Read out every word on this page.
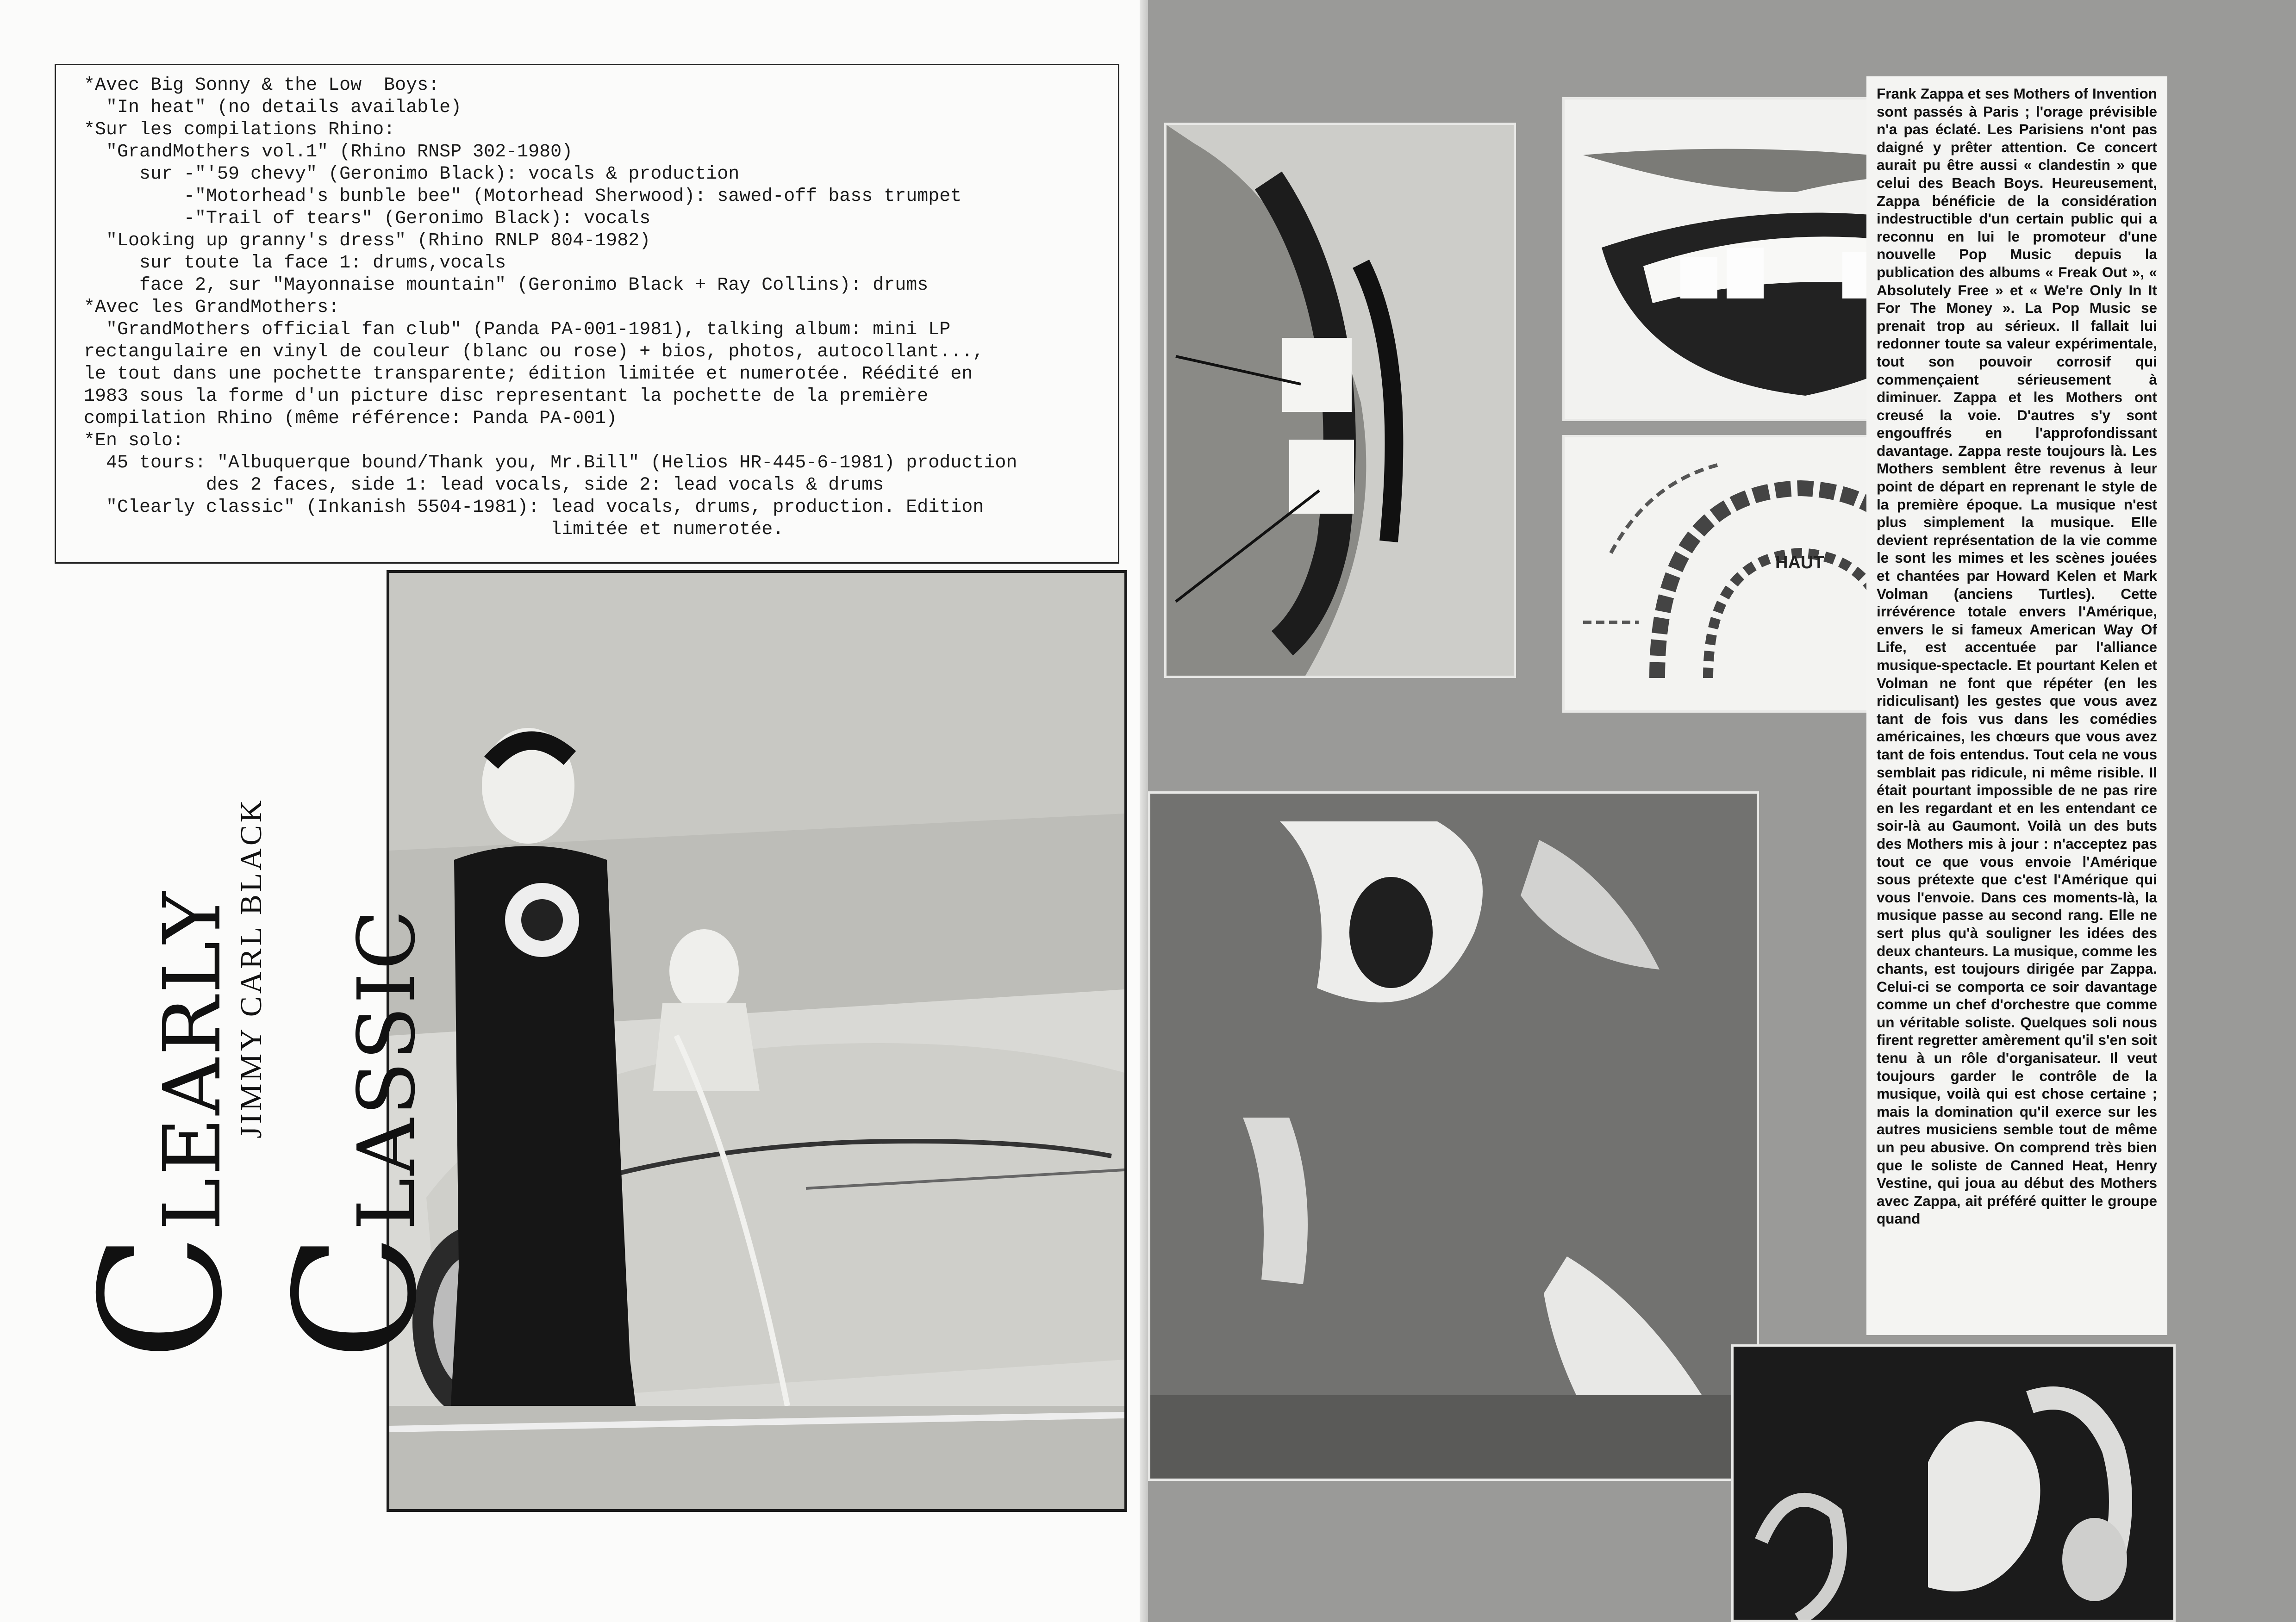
*Avec Big Sonny & the Low  Boys:
"In heat" (no details available)
*Sur les compilations Rhino:
"GrandMothers vol.1" (Rhino RNSP 302-1980)
sur -"'59 chevy" (Geronimo Black): vocals & production
-"Motorhead's bunble bee" (Motorhead Sherwood): sawed-off bass trumpet
-"Trail of tears" (Geronimo Black): vocals
"Looking up granny's dress" (Rhino RNLP 804-1982)
sur toute la face 1: drums,vocals
face 2, sur "Mayonnaise mountain" (Geronimo Black + Ray Collins): drums
*Avec les GrandMothers:
"GrandMothers official fan club" (Panda PA-001-1981), talking album: mini LP
rectangulaire en vinyl de couleur (blanc ou rose) + bios, photos, autocollant...,
le tout dans une pochette transparente; édition limitée et numerotée. Réédité en
1983 sous la forme d'un picture disc representant la pochette de la première
compilation Rhino (même référence: Panda PA-001)
*En solo:
45 tours: "Albuquerque bound/Thank you, Mr.Bill" (Helios HR-445-6-1981) production
des 2 faces, side 1: lead vocals, side 2: lead vocals & drums
"Clearly classic" (Inkanish 5504-1981): lead vocals, drums, production. Edition
limitée et numerotée.
CLEARLY
JIMMY CARL BLACK
CLASSIC
HAUT
Frank Zappa et ses Mothers of Invention sont passés à Paris ; l'orage prévisible n'a pas éclaté. Les Parisiens n'ont pas daigné y prêter attention. Ce concert aurait pu être aussi « clandestin » que celui des Beach Boys. Heureusement, Zappa bénéficie de la considération indestructible d'un certain public qui a reconnu en lui le promoteur d'une nouvelle Pop Music depuis la publication des albums « Freak Out », « Absolutely Free » et « We're Only In It For The Money ». La Pop Music se prenait trop au sérieux. Il fallait lui redonner toute sa valeur expérimentale, tout son pouvoir corrosif qui commençaient sérieusement à diminuer. Zappa et les Mothers ont creusé la voie. D'autres s'y sont engouffrés en l'approfondissant davantage. Zappa reste toujours là. Les Mothers semblent être revenus à leur point de départ en reprenant le style de la première époque. La musique n'est plus simplement la musique. Elle devient représentation de la vie comme le sont les mimes et les scènes jouées et chantées par Howard Kelen et Mark Volman (anciens Turtles). Cette irrévérence totale envers l'Amérique, envers le si fameux American Way Of Life, est accentuée par l'alliance musique-spectacle. Et pourtant Kelen et Volman ne font que répéter (en les ridiculisant) les gestes que vous avez tant de fois vus dans les comédies américaines, les chœurs que vous avez tant de fois entendus. Tout cela ne vous semblait pas ridicule, ni même risible. Il était pourtant impossible de ne pas rire en les regardant et en les entendant ce soir-là au Gaumont. Voilà un des buts des Mothers mis à jour : n'acceptez pas tout ce que vous envoie l'Amérique sous prétexte que c'est l'Amérique qui vous l'envoie. Dans ces moments-là, la musique passe au second rang. Elle ne sert plus qu'à souligner les idées des deux chanteurs. La musique, comme les chants, est toujours dirigée par Zappa. Celui-ci se comporta ce soir davantage comme un chef d'orchestre que comme un véritable soliste. Quelques soli nous firent regretter amèrement qu'il s'en soit tenu à un rôle d'organisateur. Il veut toujours garder le contrôle de la musique, voilà qui est chose certaine ; mais la domination qu'il exerce sur les autres musiciens semble tout de même un peu abusive. On comprend très bien que le soliste de Canned Heat, Henry Vestine, qui joua au début des Mothers avec Zappa, ait préféré quitter le groupe quand
